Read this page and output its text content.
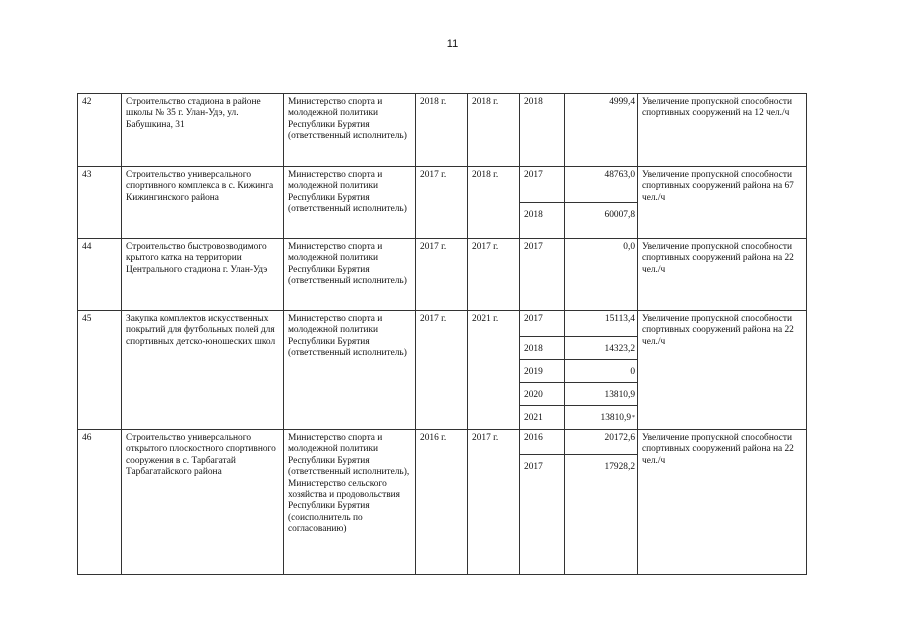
11
42	Строительство стадиона в районе школы № 35 г. Улан-Удэ, ул. Бабушкина, 31	Министерство спорта и молодежной политики Республики Бурятия (ответственный исполнитель)	2018 г.	2018 г.	2018	4999,4	Увеличение пропускной способности спортивных сооружений на 12 чел./ч
43	Строительство универсального спортивного комплекса в с. Кижинга Кижингинского района	Министерство спорта и молодежной политики Республики Бурятия (ответственный исполнитель)	2017 г.	2018 г.	2017	48763,0	Увеличение пропускной способности спортивных сооружений района на 67 чел./ч
					2018	60007,8	
44	Строительство быстровозводимого крытого катка на территории Центрального стадиона г. Улан-Удэ	Министерство спорта и молодежной политики Республики Бурятия (ответственный исполнитель)	2017 г.	2017 г.	2017	0,0	Увеличение пропускной способности спортивных сооружений района на 22 чел./ч
45	Закупка комплектов искусственных покрытий для футбольных полей для спортивных детско-юношеских школ	Министерство спорта и молодежной политики Республики Бурятия (ответственный исполнитель)	2017 г.	2021 г.	2017	15113,4	Увеличение пропускной способности спортивных сооружений района на 22 чел./ч
					2018	14323,2	
					2019	0	
					2020	13810,9	
					2021	13810,9*
46	Строительство универсального открытого плоскостного спортивного сооружения в с. Тарбагатай Тарбагатайского района	Министерство спорта и молодежной политики Республики Бурятия (ответственный исполнитель), Министерство сельского хозяйства и продовольствия Республики Бурятия (соисполнитель по согласованию)	2016 г.	2017 г.	2016	20172,6	Увеличение пропускной способности спортивных сооружений района на 22 чел./ч
					2017	17928,2	
